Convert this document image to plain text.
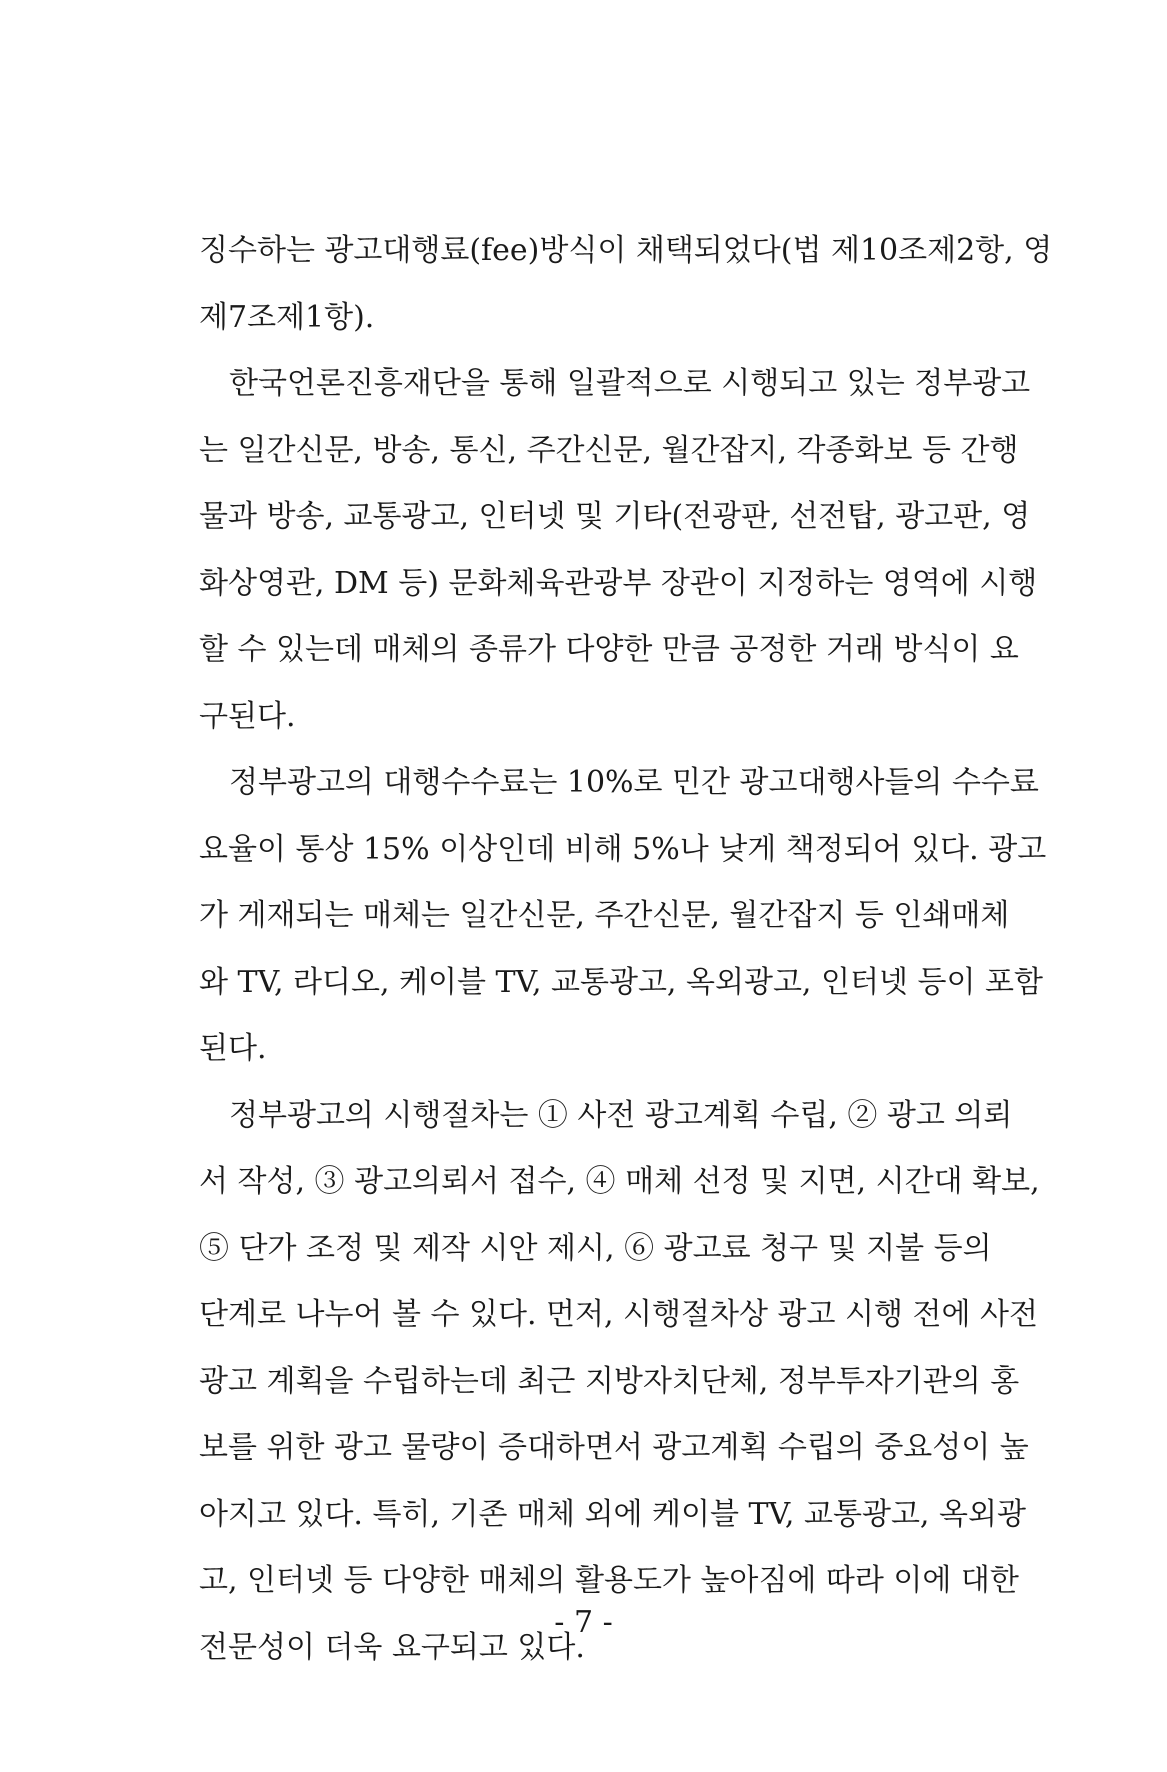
징수하는 광고대행료(fee)방식이 채택되었다(법 제10조제2항, 영
제7조제1항).
한국언론진흥재단을 통해 일괄적으로 시행되고 있는 정부광고
는 일간신문, 방송, 통신, 주간신문, 월간잡지, 각종화보 등 간행
물과 방송, 교통광고, 인터넷 및 기타(전광판, 선전탑, 광고판, 영
화상영관, DM 등) 문화체육관광부 장관이 지정하는 영역에 시행
할 수 있는데 매체의 종류가 다양한 만큼 공정한 거래 방식이 요
구된다.
정부광고의 대행수수료는 10%로 민간 광고대행사들의 수수료
요율이 통상 15% 이상인데 비해 5%나 낮게 책정되어 있다. 광고
가 게재되는 매체는 일간신문, 주간신문, 월간잡지 등 인쇄매체
와 TV, 라디오, 케이블 TV, 교통광고, 옥외광고, 인터넷 등이 포함
된다.
정부광고의 시행절차는 ① 사전 광고계획 수립, ② 광고 의뢰
서 작성, ③ 광고의뢰서 접수, ④ 매체 선정 및 지면, 시간대 확보,
⑤ 단가 조정 및 제작 시안 제시, ⑥ 광고료 청구 및 지불 등의
단계로 나누어 볼 수 있다. 먼저, 시행절차상 광고 시행 전에 사전
광고 계획을 수립하는데 최근 지방자치단체, 정부투자기관의 홍
보를 위한 광고 물량이 증대하면서 광고계획 수립의 중요성이 높
아지고 있다. 특히, 기존 매체 외에 케이블 TV, 교통광고, 옥외광
고, 인터넷 등 다양한 매체의 활용도가 높아짐에 따라 이에 대한
전문성이 더욱 요구되고 있다.
- 7 -
